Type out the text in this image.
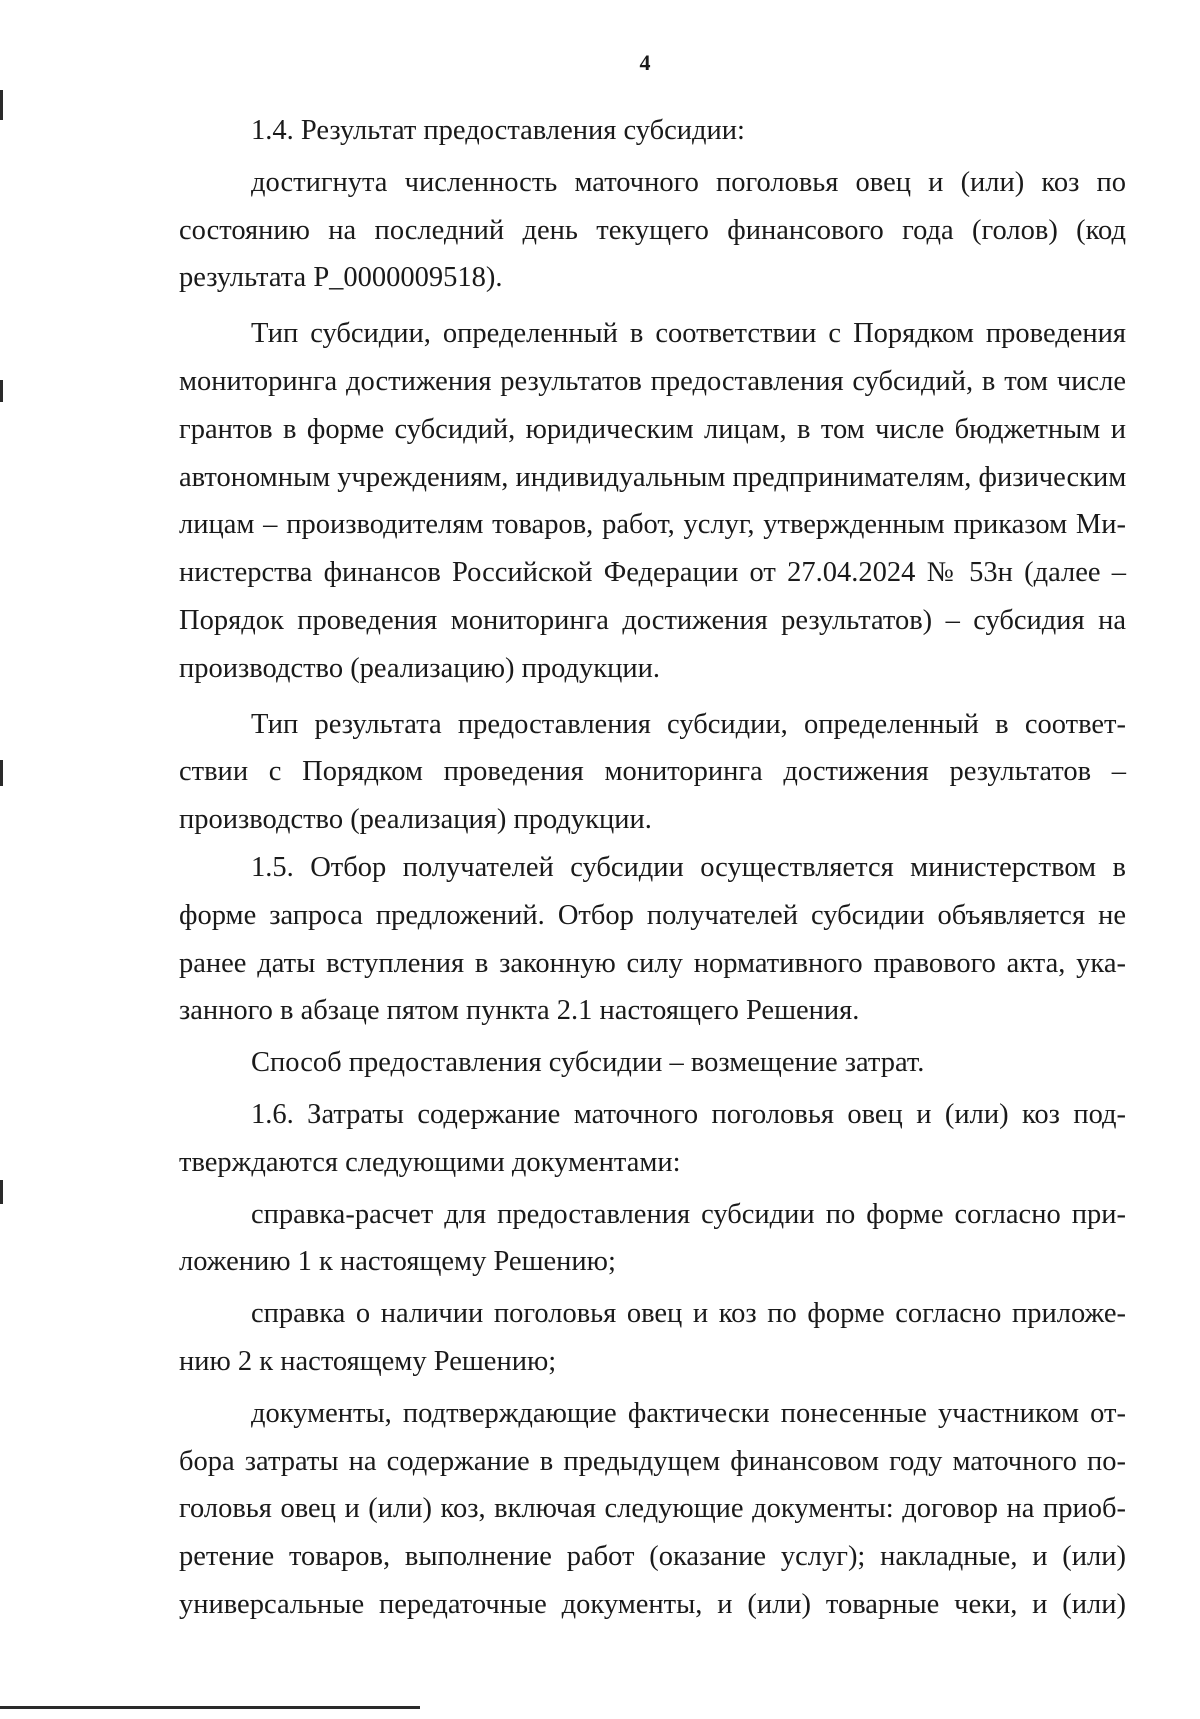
4

1.4. Результат предоставления субсидии:

достигнута численность маточного поголовья овец и (или) коз по
состоянию на последний день текущего финансового года (голов) (код
результата P_0000009518).

Тип субсидии, определенный в соответствии с Порядком проведения
мониторинга достижения результатов предоставления субсидий, в том числе
грантов в форме субсидий, юридическим лицам, в том числе бюджетным и
автономным учреждениям, индивидуальным предпринимателям, физическим
лицам – производителям товаров, работ, услуг, утвержденным приказом Ми-
нистерства финансов Российской Федерации от 27.04.2024 № 53н (далее –
Порядок проведения мониторинга достижения результатов) – субсидия на
производство (реализацию) продукции.

Тип результата предоставления субсидии, определенный в соответ-
ствии с Порядком проведения мониторинга достижения результатов –
производство (реализация) продукции.

1.5. Отбор получателей субсидии осуществляется министерством в
форме запроса предложений. Отбор получателей субсидии объявляется не
ранее даты вступления в законную силу нормативного правового акта, ука-
занного в абзаце пятом пункта 2.1 настоящего Решения.

Способ предоставления субсидии – возмещение затрат.

1.6. Затраты содержание маточного поголовья овец и (или) коз под-
тверждаются следующими документами:

справка-расчет для предоставления субсидии по форме согласно при-
ложению 1 к настоящему Решению;

справка о наличии поголовья овец и коз по форме согласно приложе-
нию 2 к настоящему Решению;

документы, подтверждающие фактически понесенные участником от-
бора затраты на содержание в предыдущем финансовом году маточного по-
головья овец и (или) коз, включая следующие документы: договор на приоб-
ретение товаров, выполнение работ (оказание услуг); накладные, и (или)
универсальные передаточные документы, и (или) товарные чеки, и (или)
